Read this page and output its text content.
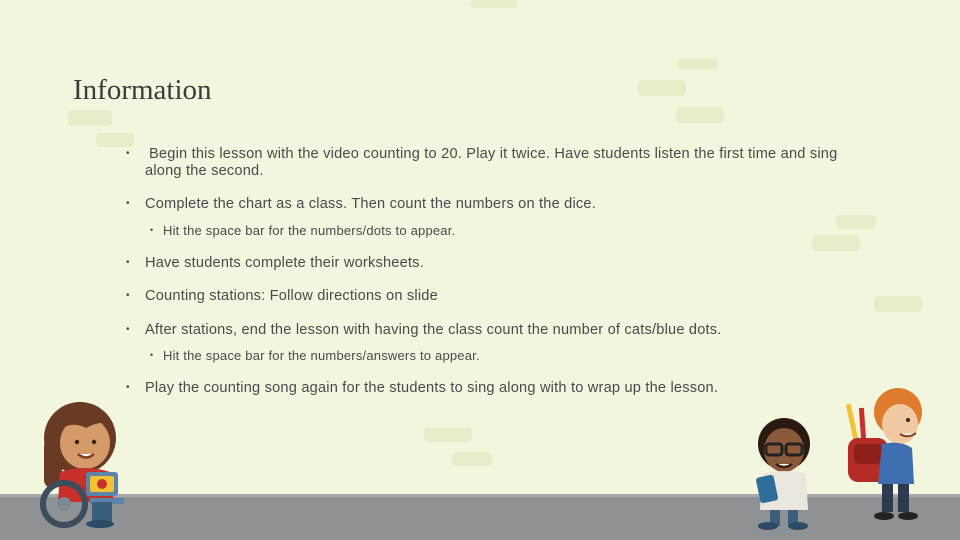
Information
• Begin this lesson with the video counting to 20. Play it twice. Have students listen the first time and sing along the second.
• Complete the chart as a class. Then count the numbers on the dice.
• Hit the space bar for the numbers/dots to appear.
• Have students complete their worksheets.
• Counting stations: Follow directions on slide
• After stations, end the lesson with having the class count the number of cats/blue dots.
• Hit the space bar for the numbers/answers to appear.
• Play the counting song again for the students to sing along with to wrap up the lesson.
